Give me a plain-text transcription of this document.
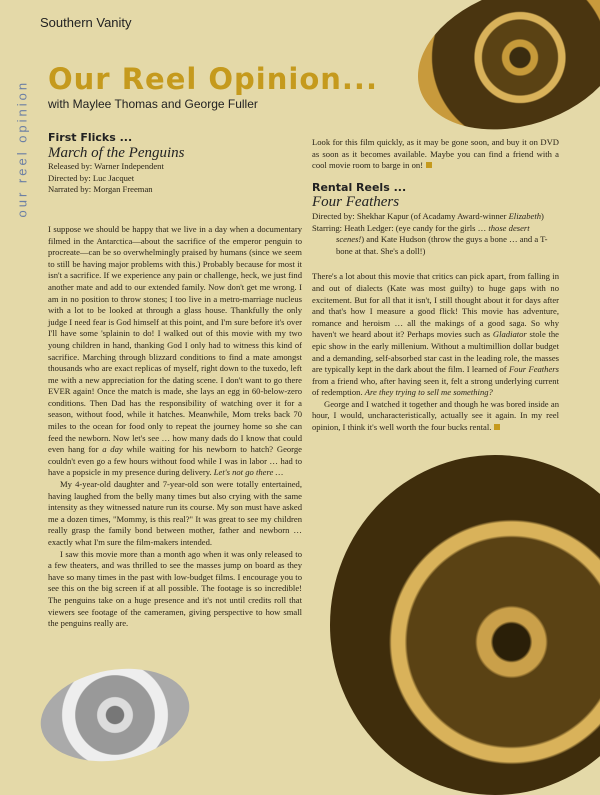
our reel opinion
Southern Vanity
Our Reel Opinion...
with Maylee Thomas and George Fuller
First Flicks ...
March of the Penguins
Released by: Warner Independent
Directed by: Luc Jacquet
Narrated by: Morgan Freeman

I suppose we should be happy that we live in a day when a documentary filmed in the Antarctica—about the sacrifice of the emperor penguin to procreate—can be so overwhelmingly praised by humans (since we seem to still be having major problems with this.) Probably because for most it isn't a sacrifice. If we experience any pain or challenge, heck, we just find another mate and add to our extended family. Now don't get me wrong. I am in no position to throw stones; I too live in a metro-marriage nucleus with a lot to be looked at through a glass house. Thankfully the only judge I need fear is God himself at this point, and I'm sure before it's over I'll have some 'splainin to do! I walked out of this movie with my two young children in hand, thanking God I only had to witness this kind of sacrifice. Marching through blizzard conditions to find a mate amongst thousands who are exact replicas of myself, right down to the tuxedo, left me with a new appreciation for the dating scene. I don't want to go there EVER again! Once the match is made, she lays an egg in 60-below-zero conditions. Then Dad has the responsibility of watching over it for a season, without food, while it hatches. Meanwhile, Mom treks back 70 miles to the ocean for food only to repeat the journey home so she can feed the newborn. Now let's see … how many dads do I know that could even hang for a day while waiting for his newborn to hatch? George couldn't even go a few hours without food while I was in labor … had to have a popsicle in my presence during delivery. Let's not go there …

My 4-year-old daughter and 7-year-old son were totally entertained, having laughed from the belly many times but also crying with the same intensity as they witnessed nature run its course. My son must have asked me a dozen times, "Mommy, is this real?" It was great to see my children really grasp the family bond between mother, father and newborn … exactly what I'm sure the film-makers intended.

I saw this movie more than a month ago when it was only released to a few theaters, and was thrilled to see the masses jump on board as they have so many times in the past with low-budget films. I encourage you to see this on the big screen if at all possible. The footage is so incredible! The penguins take on a huge presence and it's not until credits roll that viewers see footage of the cameramen, giving perspective to how small the penguins really are.

Look for this film quickly, as it may be gone soon, and buy it on DVD as soon as it becomes available. Maybe you can find a friend with a cool movie room to barge in on!

Rental Reels ...
Four Feathers
Directed by: Shekhar Kapur (of Acadamy Award-winner Elizabeth)
Starring: Heath Ledger: (eye candy for the girls … those desert scenes!) and Kate Hudson (throw the guys a bone … and a T-bone at that. She's a doll!)

There's a lot about this movie that critics can pick apart, from falling in and out of dialects (Kate was most guilty) to huge gaps with no excitement. But for all that it isn't, I still thought about it for days after and that's how I measure a good flick! This movie has adventure, romance and heroism … all the makings of a good saga. So why haven't we heard about it? Perhaps movies such as Gladiator stole the epic show in the early millenium. Without a multimillion dollar budget and a demanding, self-absorbed star cast in the leading role, the masses are typically kept in the dark about the film. I learned of Four Feathers from a friend who, after having seen it, felt a strong underlying current of redemption. Are they trying to sell me something?

George and I watched it together and though he was bored inside an hour, I would, uncharacteristically, actually see it again. In my reel opinion, I think it's well worth the four bucks rental.
